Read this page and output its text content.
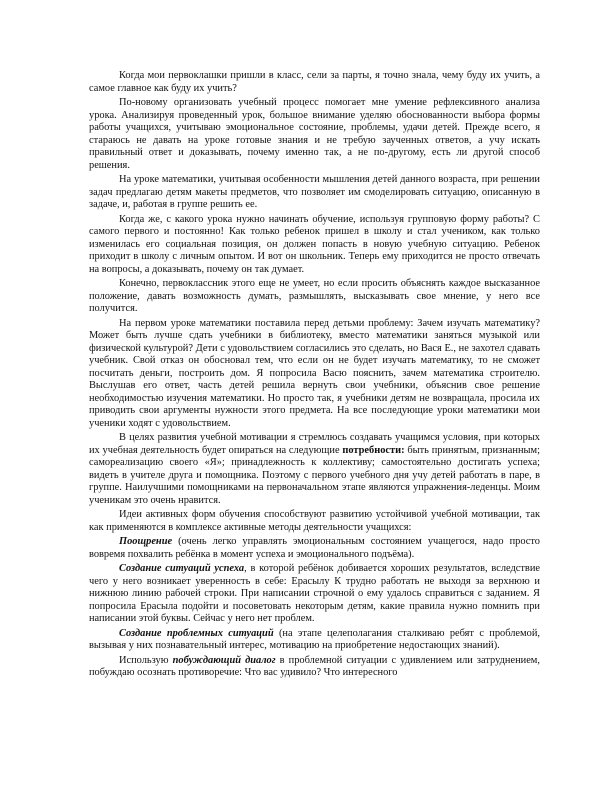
Когда мои первоклашки пришли в класс, сели за парты, я точно знала, чему буду их учить, а самое главное как буду их учить?

По-новому организовать учебный процесс помогает мне умение рефлексивного анализа урока. Анализируя проведенный урок, большое внимание уделяю обоснованности выбора формы работы учащихся, учитываю эмоциональное состояние, проблемы, удачи детей. Прежде всего, я стараюсь не давать на уроке готовые знания и не требую заученных ответов, а учу искать правильный ответ и доказывать, почему именно так, а не по-другому, есть ли другой способ решения.

На уроке математики, учитывая особенности мышления детей данного возраста, при решении задач предлагаю детям макеты предметов, что позволяет им смоделировать ситуацию, описанную в задаче, и, работая в группе решить ее.

Когда же, с какого урока нужно начинать обучение, используя групповую форму работы? С самого первого и постоянно! Как только ребенок пришел в школу и стал учеником, как только изменилась его социальная позиция, он должен попасть в новую учебную ситуацию. Ребенок приходит в школу с личным опытом. И вот он школьник. Теперь ему приходится не просто отвечать на вопросы, а доказывать, почему он так думает.

Конечно, первоклассник этого еще не умеет, но если просить объяснять каждое высказанное положение, давать возможность думать, размышлять, высказывать свое мнение, у него все получится.

На первом уроке математики поставила перед детьми проблему: Зачем изучать математику? Может быть лучше сдать учебники в библиотеку, вместо математики заняться музыкой или физической культурой? Дети с удовольствием согласились это сделать, но Вася Е., не захотел сдавать учебник. Свой отказ он обосновал тем, что если он не будет изучать математику, то не сможет посчитать деньги, построить дом. Я попросила Васю пояснить, зачем математика строителю. Выслушав его ответ, часть детей решила вернуть свои учебники, объяснив свое решение необходимостью изучения математики. Но просто так, я учебники детям не возвращала, просила их приводить свои аргументы нужности этого предмета. На все последующие уроки математики мои ученики ходят с удовольствием.

В целях развития учебной мотивации я стремлюсь создавать учащимся условия, при которых их учебная деятельность будет опираться на следующие потребности: быть принятым, признанным; самореализацию своего «Я»; принадлежность к коллективу; самостоятельно достигать успеха; видеть в учителе друга и помощника. Поэтому с первого учебного дня учу детей работать в паре, в группе. Наилучшими помощниками на первоначальном этапе являются упражнения-леденцы. Моим ученикам это очень нравится.

Идеи активных форм обучения способствуют развитию устойчивой учебной мотивации, так как применяются в комплексе активные методы деятельности учащихся:

Поощрение (очень легко управлять эмоциональным состоянием учащегося, надо просто вовремя похвалить ребёнка в момент успеха и эмоционального подъёма).

Создание ситуаций успеха, в которой ребёнок добивается хороших результатов, вследствие чего у него возникает уверенность в себе: Ерасылу К трудно работать не выходя за верхнюю и нижнюю линию рабочей строки. При написании строчной о ему удалось справиться с заданием. Я попросила Ерасыла подойти и посоветовать некоторым детям, какие правила нужно помнить при написании этой буквы. Сейчас у него нет проблем.

Создание проблемных ситуаций (на этапе целеполагания сталкиваю ребят с проблемой, вызывая у них познавательный интерес, мотивацию на приобретение недостающих знаний).

Использую побуждающий диалог в проблемной ситуации с удивлением или затруднением, побуждаю осознать противоречие: Что вас удивило? Что интересного
